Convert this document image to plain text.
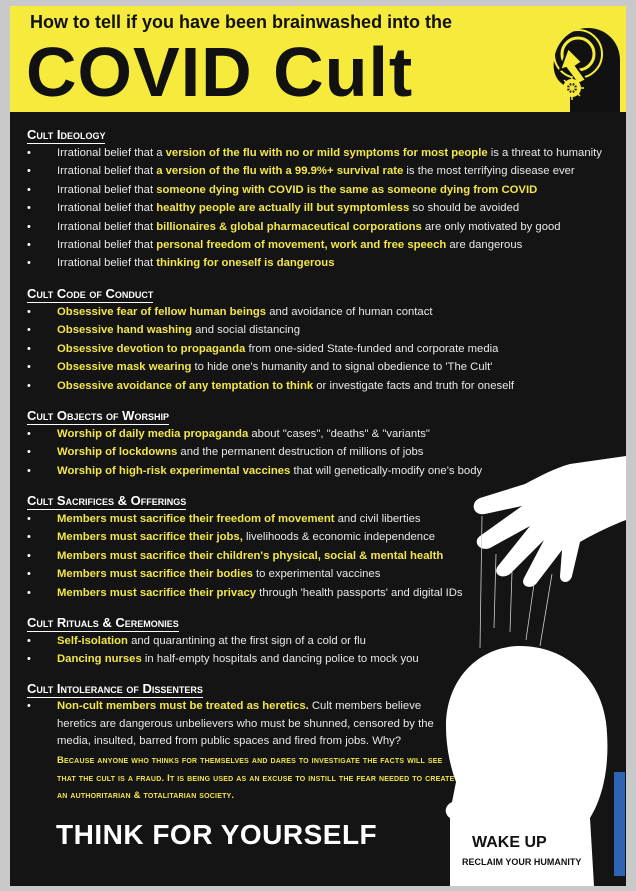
How to tell if you have been brainwashed into the
COVID Cult
Cult Ideology
• Irrational belief that a version of the flu with no or mild symptoms for most people is a threat to humanity
• Irrational belief that a version of the flu with a 99.9%+ survival rate is the most terrifying disease ever
• Irrational belief that someone dying with COVID is the same as someone dying from COVID
• Irrational belief that healthy people are actually ill but symptomless so should be avoided
• Irrational belief that billionaires & global pharmaceutical corporations are only motivated by good
• Irrational belief that personal freedom of movement, work and free speech are dangerous
• Irrational belief that thinking for oneself is dangerous
Cult Code of Conduct
• Obsessive fear of fellow human beings and avoidance of human contact
• Obsessive hand washing and social distancing
• Obsessive devotion to propaganda from one-sided State-funded and corporate media
• Obsessive mask wearing to hide one's humanity and to signal obedience to 'The Cult'
• Obsessive avoidance of any temptation to think or investigate facts and truth for oneself
Cult Objects of Worship
• Worship of daily media propaganda about "cases", "deaths" & "variants"
• Worship of lockdowns and the permanent destruction of millions of jobs
• Worship of high-risk experimental vaccines that will genetically-modify one's body
Cult Sacrifices & Offerings
• Members must sacrifice their freedom of movement and civil liberties
• Members must sacrifice their jobs, livelihoods & economic independence
• Members must sacrifice their children's physical, social & mental health
• Members must sacrifice their bodies to experimental vaccines
• Members must sacrifice their privacy through 'health passports' and digital IDs
Cult Rituals & Ceremonies
• Self-isolation and quarantining at the first sign of a cold or flu
• Dancing nurses in half-empty hospitals and dancing police to mock you
Cult Intolerance of Dissenters
• Non-cult members must be treated as heretics. Cult members believe heretics are dangerous unbelievers who must be shunned, censored by the media, insulted, barred from public spaces and fired from jobs. Why?
Because anyone who thinks for themselves and dares to investigate the facts will see that the cult is a fraud. It is being used as an excuse to instill the fear needed to create an authoritarian & totalitarian society.
THINK FOR YOURSELF	WAKE UP
RECLAIM YOUR HUMANITY
